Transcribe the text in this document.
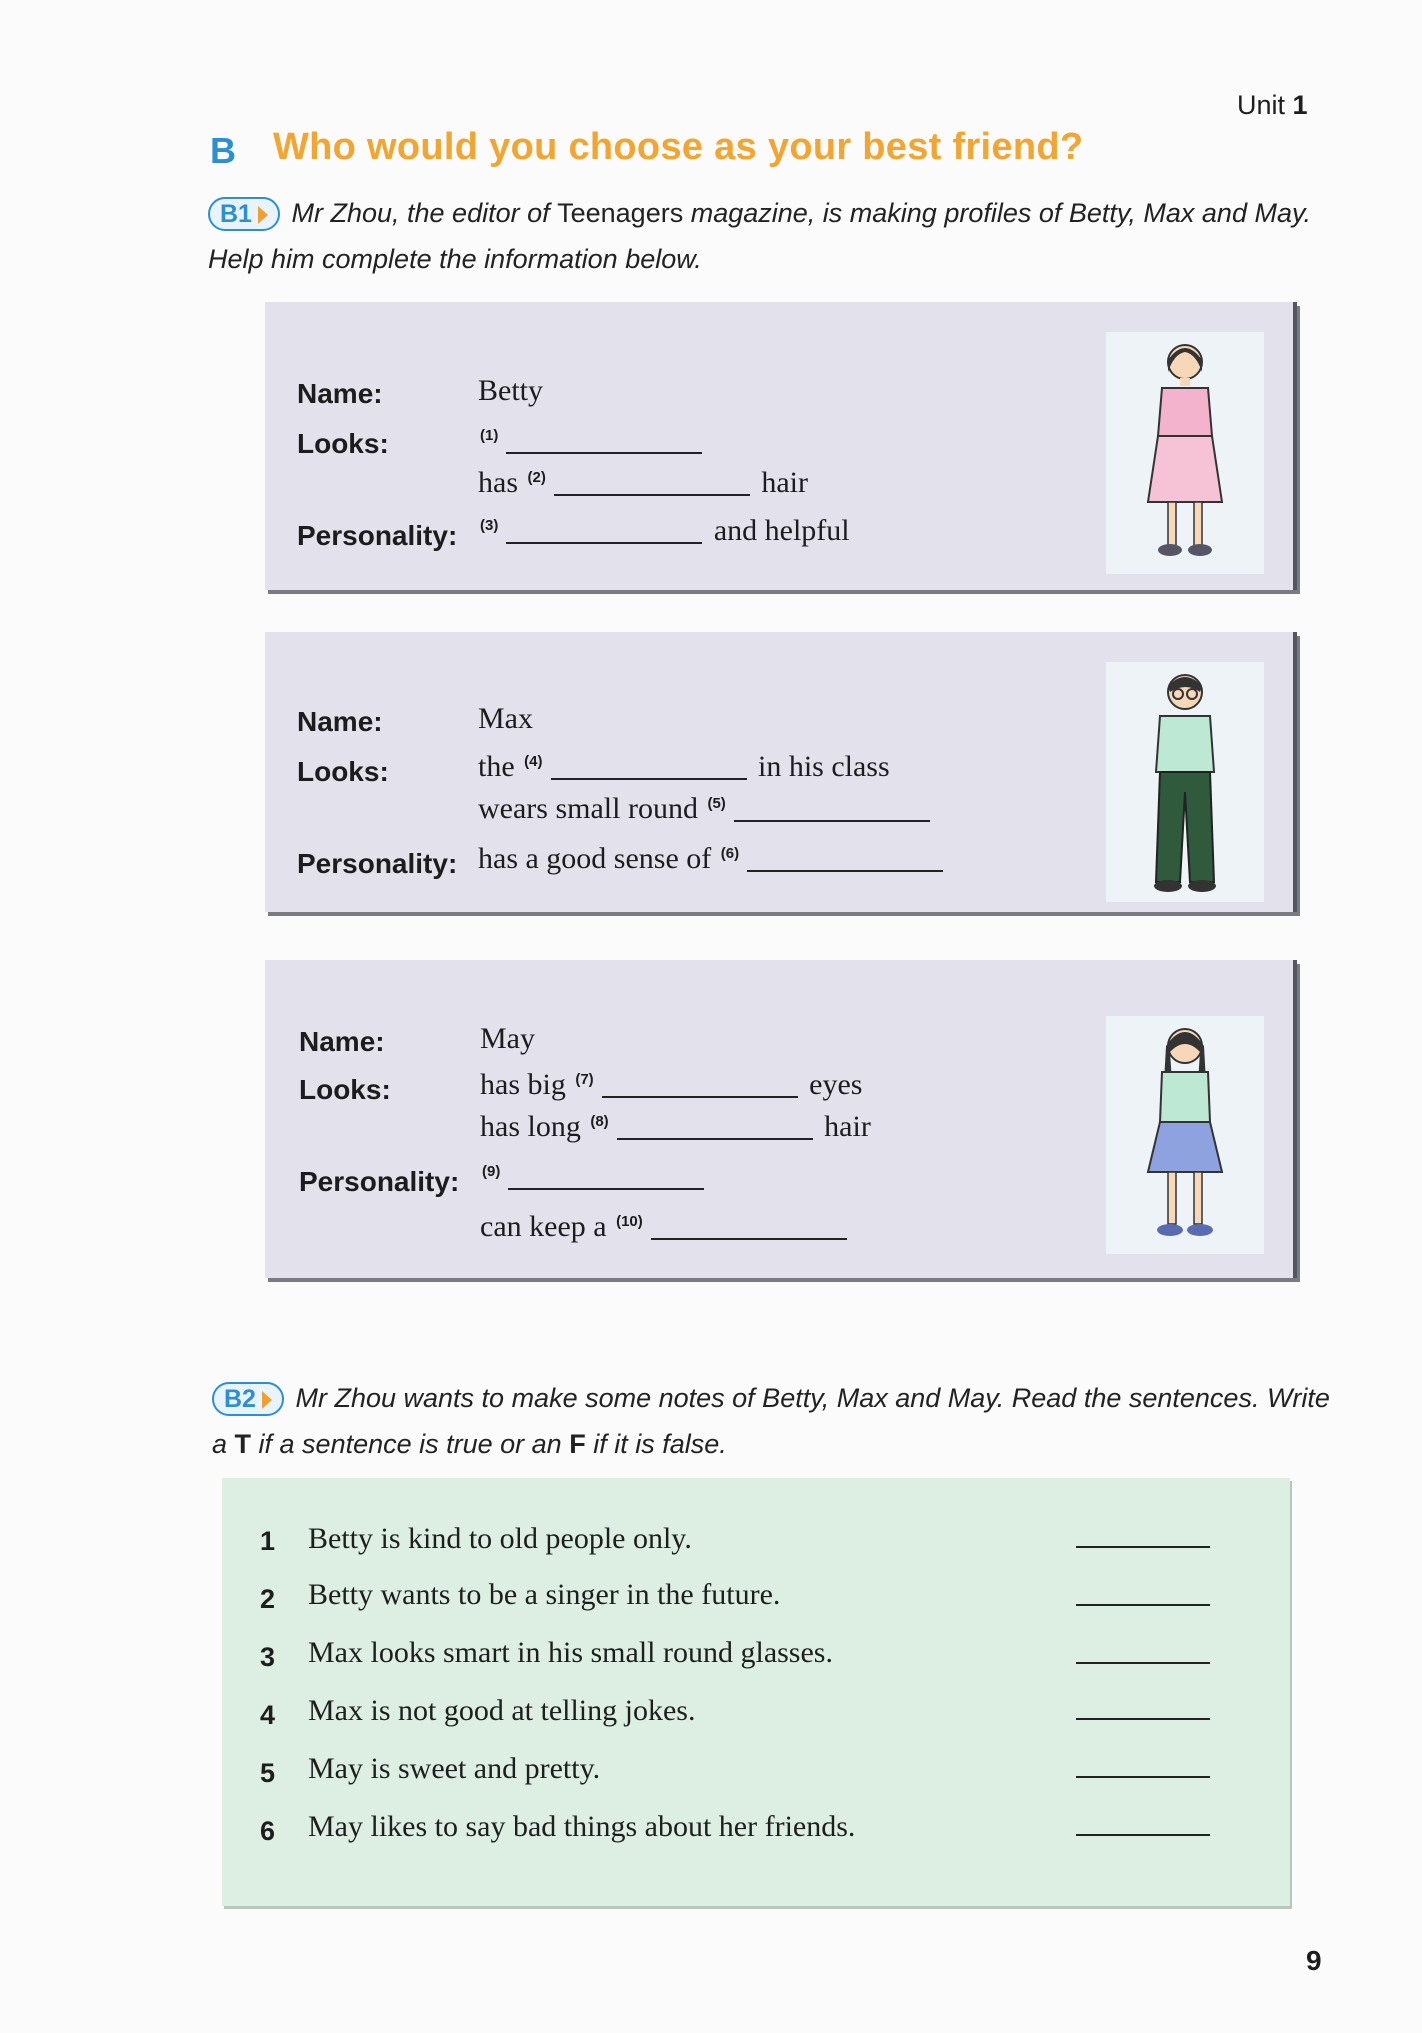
Unit 1
B Who would you choose as your best friend?
B1 Mr Zhou, the editor of Teenagers magazine, is making profiles of Betty, Max and May. Help him complete the information below.
Name:	Betty
Looks:	$^{(1)}$
has $^{(2)}$	hair
Personality: $^{(3)}$	and helpful
Name:	Max
Looks:	the $^{(4)}$	in his class
wears small round $^{(5)}$
Personality: has a good sense of $^{(6)}$
Name:	May
Looks:	has big $^{(7)}$	eyes
has long $^{(8)}$	hair
Personality: $^{(9)}$
can keep a $^{(10)}$
B2 Mr Zhou wants to make some notes of Betty, Max and May. Read the sentences. Write a T if a sentence is true or an F if it is false.
1 Betty is kind to old people only.
2 Betty wants to be a singer in the future.
3 Max looks smart in his small round glasses.
4 Max is not good at telling jokes.
5 May is sweet and pretty.
6 May likes to say bad things about her friends.
9
